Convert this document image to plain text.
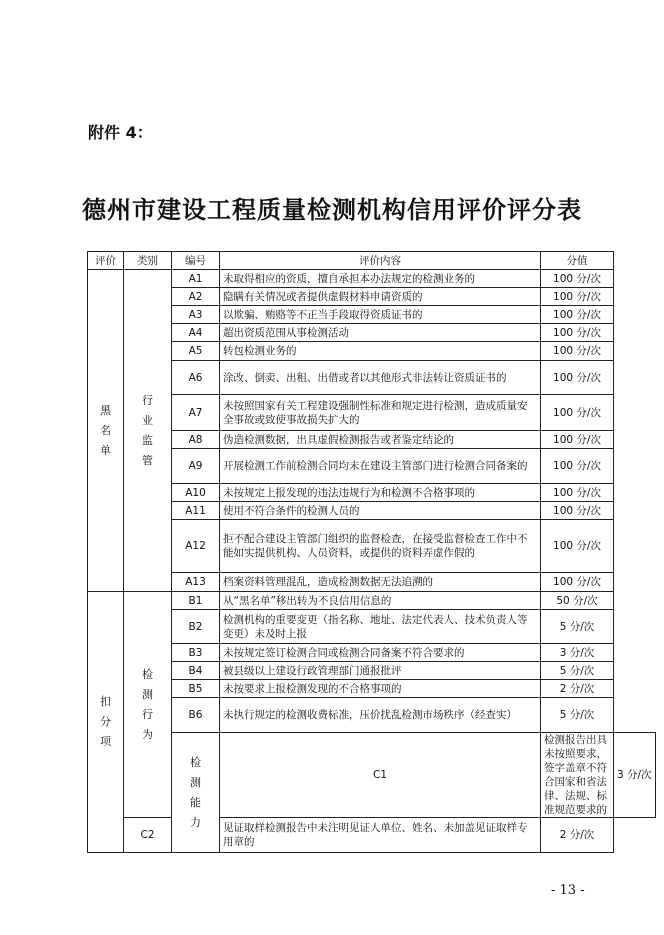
附件 4：
德州市建设工程质量检测机构信用评价评分表
评价	类别	编号	评价内容	分值	

黑名单	行业监管	A1	未取得相应的资质，擅自承担本办法规定的检测业务的	100 分/次	
		A2	隐瞒有关情况或者提供虚假材料申请资质的	100 分/次	
		A3	以欺骗、贿赂等不正当手段取得资质证书的	100 分/次	
		A4	超出资质范围从事检测活动	100 分/次	
		A5	转包检测业务的	100 分/次	
		A6	涂改、倒卖、出租、出借或者以其他形式非法转让资质证书的	100 分/次	
		A7	未按照国家有关工程建设强制性标准和规定进行检测，造成质量安全事故或致使事故损失扩大的	100 分/次	
		A8	伪造检测数据，出具虚假检测报告或者鉴定结论的	100 分/次	
		A9	开展检测工作前检测合同均未在建设主管部门进行检测合同备案的	100 分/次	
		A10	未按规定上报发现的违法违规行为和检测不合格事项的	100 分/次	
		A11	使用不符合条件的检测人员的	100 分/次	
		A12	拒不配合建设主管部门组织的监督检查，在接受监督检查工作中不能如实提供机构、人员资料，或提供的资料弄虚作假的	100 分/次	
		A13	档案资料管理混乱，造成检测数据无法追溯的	100 分/次	

扣分项	检测行为	B1	从“黑名单”移出转为不良信用信息的	50 分/次	
		B2	检测机构的重要变更（指名称、地址、法定代表人、技术负责人等变更）未及时上报	5 分/次	
		B3	未按规定签订检测合同或检测合同备案不符合要求的	3 分/次	
		B4	被县级以上建设行政管理部门通报批评	5 分/次	
		B5	未按要求上报检测发现的不合格事项的	2 分/次	
		B6	未执行规定的检测收费标准，压价扰乱检测市场秩序（经查实）	5 分/次	

		检测能力	C1	检测报告出具未按照要求，签字盖章不符合国家和省法律、法规、标准规范要求的	3 分/次
	C2		见证取样检测报告中未注明见证人单位、姓名、未加盖见证取样专用章的	2 分/次	
- 13 -
